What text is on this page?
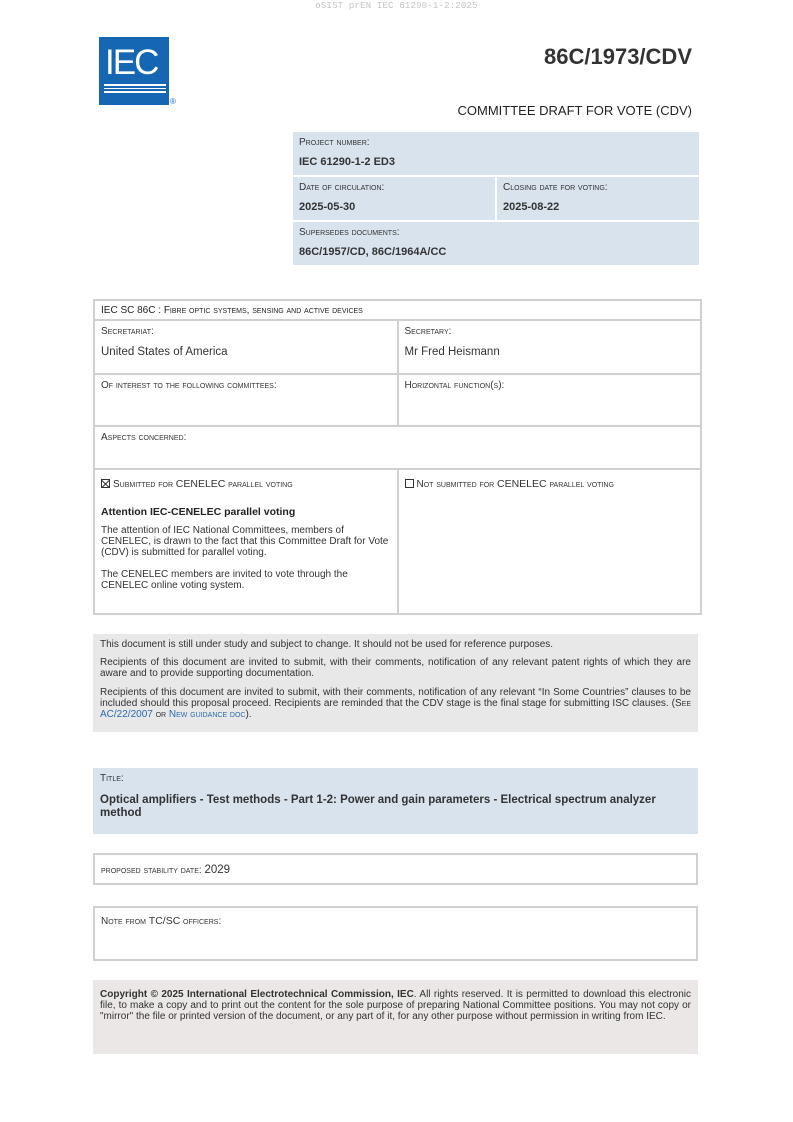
oSIST prEN IEC 61290-1-2:2025
IEC
®
86C/1973/CDV
COMMITTEE DRAFT FOR VOTE (CDV)
Project number:
IEC 61290-1-2 ED3
Date of circulation:
2025-05-30
Closing date for voting:
2025-08-22
Supersedes documents:
86C/1957/CD, 86C/1964A/CC
IEC SC 86C : Fibre optic systems, sensing and active devices
Secretariat:
United States of America
Secretary:
Mr Fred Heismann
Of interest to the following committees:	Horizontal function(s):
Aspects concerned:
Submitted for CENELEC parallel voting
Attention IEC-CENELEC parallel voting
The attention of IEC National Committees, members of CENELEC, is drawn to the fact that this Committee Draft for Vote (CDV) is submitted for parallel voting.
The CENELEC members are invited to vote through the CENELEC online voting system.
Not submitted for CENELEC parallel voting

This document is still under study and subject to change. It should not be used for reference purposes.

Recipients of this document are invited to submit, with their comments, notification of any relevant patent rights of which they are aware and to provide supporting documentation.

Recipients of this document are invited to submit, with their comments, notification of any relevant “In Some Countries” clauses to be included should this proposal proceed. Recipients are reminded that the CDV stage is the final stage for submitting ISC clauses. (See AC/22/2007 or New guidance doc).

Title:
Optical amplifiers - Test methods - Part 1-2: Power and gain parameters - Electrical spectrum analyzer method
proposed stability date: 2029
Note from TC/SC officers:
Copyright © 2025 International Electrotechnical Commission, IEC. All rights reserved. It is permitted to download this electronic file, to make a copy and to print out the content for the sole purpose of preparing National Committee positions. You may not copy or "mirror" the file or printed version of the document, or any part of it, for any other purpose without permission in writing from IEC.
